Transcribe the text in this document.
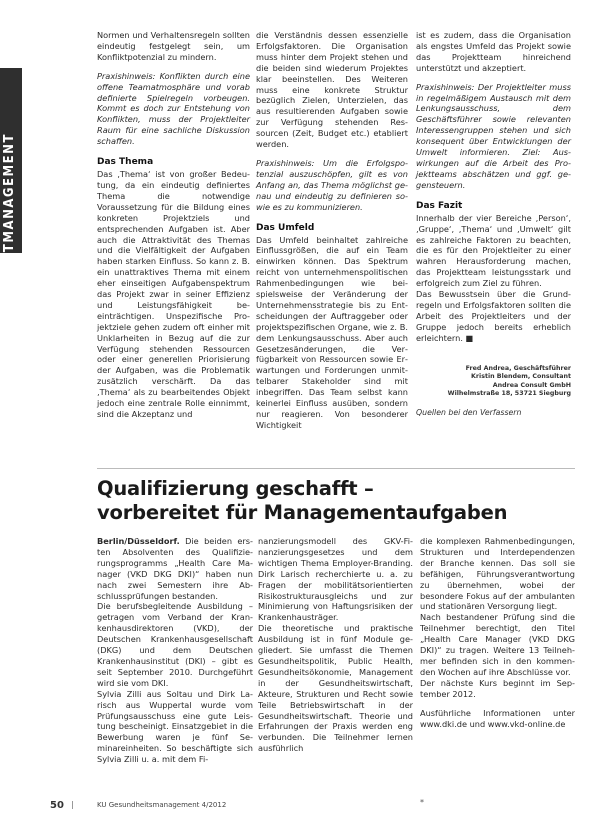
PROJEKTMANAGEMENT

Normen und Verhaltensregeln sollten eindeutig festgelegt sein, um Konfliktpotenzial zu mindern.

Praxishinweis: Konflikten durch eine offene Teamatmosphäre und vorab definierte Spielregeln vorbeugen. Kommt es doch zur Entstehung von Konflikten, muss der Projektleiter Raum für eine sachliche Diskussion schaffen.

Das Thema

Das ‚Thema‘ ist von großer Bedeutung, da ein eindeutig definiertes Thema die notwendige Voraussetzung für die Bildung eines konkreten Projektziels und entsprechenden Aufgaben ist. Aber auch die Attraktivität des Themas und die Vielfältigkeit der Aufgaben haben starken Einfluss. So kann z. B. ein unattraktives Thema mit einem eher einseitigen Aufgabenspektrum das Projekt zwar in seiner Effizienz und Leistungsfähigkeit beeinträchtigen. Unspezifische Projektziele gehen zudem oft einher mit Unklarheiten in Bezug auf die zur Verfügung stehenden Ressourcen oder einer generellen Priorisierung der Aufgaben, was die Problematik zusätzlich verschärft. Da das ‚Thema‘ als zu bearbeitendes Objekt jedoch eine zentrale Rolle einnimmt, sind die Akzeptanz und

die Verständnis dessen essenzielle Erfolgsfaktoren. Die Organisation muss hinter dem Projekt stehen und die beiden sind wiederum Projektes klar beeinstellen. Des Weiteren muss eine konkrete Struktur bezüglich Zielen, Unterzielen, das aus resultierenden Aufgaben sowie zur Verfügung stehenden Ressourcen (Zeit, Budget etc.) etabliert werden.

Praxishinweis: Um die Erfolgspotenzial auszuschöpfen, gilt es von Anfang an, das Thema möglichst genau und eindeutig zu definieren sowie es zu kommunizieren.

Das Umfeld

Das Umfeld beinhaltet zahlreiche Einflussgrößen, die auf ein Team einwirken können. Das Spektrum reicht von unternehmenspolitischen Rahmenbedingungen wie beispielsweise der Veränderung der Unternehmensstrategie bis zu Entscheidungen der Auftraggeber oder projektspezifischen Organe, wie z. B. dem Lenkungsausschuss. Aber auch Gesetzesänderungen, die Verfügbarkeit von Ressourcen sowie Erwartungen und Forderungen unmittelbarer Stakeholder sind mit inbegriffen. Das Team selbst kann keinerlei Einfluss ausüben, sondern nur reagieren. Von besonderer Wichtigkeit

ist es zudem, dass die Organisation als engstes Umfeld das Projekt sowie das Projektteam hinreichend unterstützt und akzeptiert.

Praxishinweis: Der Projektleiter muss in regelmäßigem Austausch mit dem Lenkungsausschuss, dem Geschäftsführer sowie relevanten Interessengruppen stehen und sich konsequent über Entwicklungen der Umwelt informieren. Ziel: Auswirkungen auf die Arbeit des Projektteams abschätzen und ggf. gegensteuern.

Das Fazit

Innerhalb der vier Bereiche ‚Person‘, ‚Gruppe‘, ‚Thema‘ und ‚Umwelt‘ gilt es zahlreiche Faktoren zu beachten, die es für den Projektleiter zu einer wahren Herausforderung machen, das Projektteam leistungsstark und erfolgreich zum Ziel zu führen.

Das Bewusstsein über die Grundregeln und Erfolgsfaktoren sollten die Arbeit des Projektleiters und der Gruppe jedoch bereits erheblich erleichtern. ■

Fred Andrea, Geschäftsführer
Kristin Blendem, Consultant
Andrea Consult GmbH
Wilhelmstraße 18, 53721 Siegburg
Quellen bei den Verfassern
Qualifizierung geschafft –
vorbereitet für Managementaufgaben

Berlin/Düsseldorf. Die beiden ersten Absolventen des Qualifizierungsprogramms „Health Care Manager (VKD DKG DKI)“ haben nun nach zwei Semestern ihre Abschlussprüfungen bestanden.

Die berufsbegleitende Ausbildung – getragen vom Verband der Krankenhausdirektoren (VKD), der Deutschen Krankenhausgesellschaft (DKG) und dem Deutschen Krankenhausinstitut (DKI) – gibt es seit September 2010. Durchgeführt wird sie vom DKI.

Sylvia Zilli aus Soltau und Dirk Larisch aus Wuppertal wurde vom Prüfungsausschuss eine gute Leistung bescheinigt. Einsatzgebiet in die Bewerbung waren je fünf Seminareinheiten. So beschäftigte sich Sylvia Zilli u. a. mit dem Fi-

nanzierungsmodell des GKV-Finanzierungsgesetzes und dem wichtigen Thema Employer-Branding. Dirk Larisch recherchierte u. a. zu Fragen der mobilitätsorientierten Risikostrukturausgleichs und zur Minimierung von Haftungsrisiken der Krankenhausträger.

Die theoretische und praktische Ausbildung ist in fünf Module gegliedert. Sie umfasst die Themen Gesundheitspolitik, Public Health, Gesundheitsökonomie, Management in der Gesundheitswirtschaft, Akteure, Strukturen und Recht sowie Teile Betriebswirtschaft in der Gesundheitswirtschaft. Theorie und Erfahrungen der Praxis werden eng verbunden. Die Teilnehmer lernen ausführlich

die komplexen Rahmenbedingungen, Strukturen und Interdependenzen der Branche kennen. Das soll sie befähigen, Führungsverantwortung zu übernehmen, wobei der besondere Fokus auf der ambulanten und stationären Versorgung liegt.

Nach bestandener Prüfung sind die Teilnehmer berechtigt, den Titel „Health Care Manager (VKD DKG DKI)“ zu tragen. Weitere 13 Teilnehmer befinden sich in den kommenden Wochen auf ihre Abschlüsse vor.

Der nächste Kurs beginnt im September 2012.

Ausführliche Informationen unter www.dki.de und www.vkd-online.de

50	KU Gesundheitsmanagement 4/2012	*
